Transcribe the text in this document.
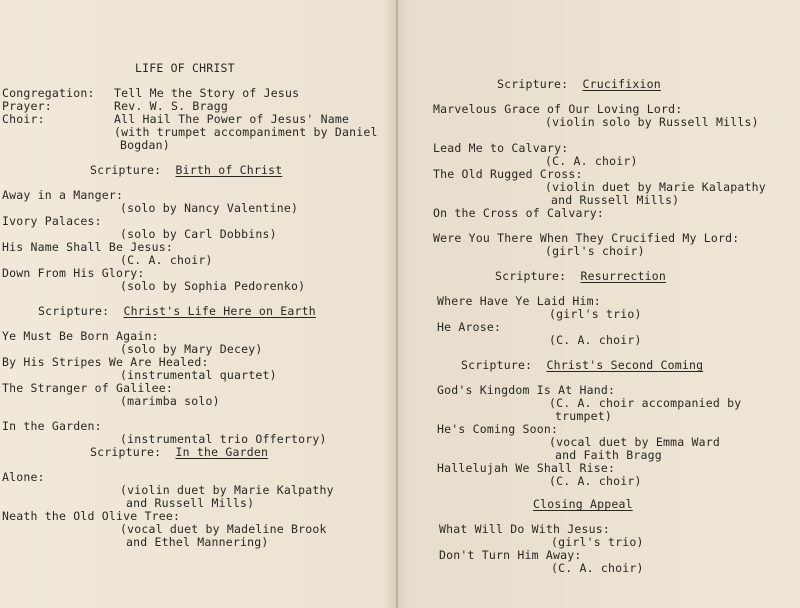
LIFE OF CHRIST
Congregation: Tell Me the Story of Jesus
Prayer:	Rev. W. S. Bragg
Choir:	All Hail The Power of Jesus' Name
(with trumpet accompaniment by Daniel
Bogdan)
Scripture:  Birth of Christ
Away in a Manger:
(solo by Nancy Valentine)
Ivory Palaces:
(solo by Carl Dobbins)
His Name Shall Be Jesus:
(C. A. choir)
Down From His Glory:
(solo by Sophia Pedorenko)
Scripture:  Christ's Life Here on Earth
Ye Must Be Born Again:
(solo by Mary Decey)
By His Stripes We Are Healed:
(instrumental quartet)
The Stranger of Galilee:
(marimba solo)
In the Garden:
(instrumental trio Offertory)
Scripture:  In the Garden
Alone:
(violin duet by Marie Kalpathy
and Russell Mills)
Neath the Old Olive Tree:
(vocal duet by Madeline Brook
and Ethel Mannering)
Scripture:  Crucifixion
Marvelous Grace of Our Loving Lord:
(violin solo by Russell Mills)
Lead Me to Calvary:
(C. A. choir)
The Old Rugged Cross:
(violin duet by Marie Kalapathy
and Russell Mills)
On the Cross of Calvary:
Were You There When They Crucified My Lord:
(girl's choir)
Scripture:  Resurrection
Where Have Ye Laid Him:
(girl's trio)
He Arose:
(C. A. choir)
Scripture:  Christ's Second Coming
God's Kingdom Is At Hand:
(C. A. choir accompanied by
trumpet)
He's Coming Soon:
(vocal duet by Emma Ward
and Faith Bragg
Hallelujah We Shall Rise:
(C. A. choir)
Closing Appeal
What Will Do With Jesus:
(girl's trio)
Don't Turn Him Away:
(C. A. choir)
